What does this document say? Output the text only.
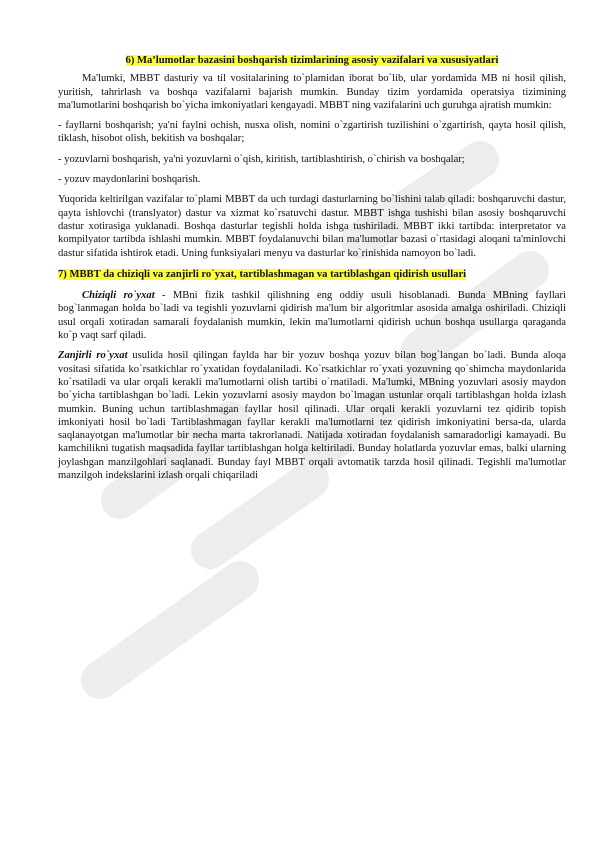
6) Ma’lumotlar bazasini boshqarish tizimlarining asosiy vazifalari va xususiyatlari

Ma'lumki, MBBT dasturiy va til vositalarining to`plamidan iborat bo`lib, ular yordamida MB ni hosil qilish, yuritish, tahrirlash va boshqa vazifalarni bajarish mumkin. Bunday tizim yordamida operatsiya tizimining ma'lumotlarini boshqarish bo`yicha imkoniyatlari kengayadi. MBBT ning vazifalarini uch guruhga ajratish mumkin:

- fayllarni boshqarish; ya'ni faylni ochish, nusxa olish, nomini o`zgartirish tuzilishini o`zgartirish, qayta hosil qilish, tiklash, hisobot olish, bekitish va boshqalar;

- yozuvlarni boshqarish, ya'ni yozuvlarni o`qish, kiritish, tartiblashtirish, o`chirish va boshqalar;

- yozuv maydonlarini boshqarish.

Yuqorida keltirilgan vazifalar to`plami MBBT da uch turdagi dasturlarning bo`lishini talab qiladi: boshqaruvchi dastur, qayta ishlovchi (translyator) dastur va xizmat ko`rsatuvchi dastur. MBBT ishga tushishi bilan asosiy boshqaruvchi dastur xotirasiga yuklanadi. Boshqa dasturlar tegishli holda ishga tushiriladi. MBBT ikki tartibda: interpretator va kompilyator tartibda ishlashi mumkin. MBBT foydalanuvchi bilan ma'lumotlar bazasi o`rtasidagi aloqani ta'minlovchi dastur sifatida ishtirok etadi. Uning funksiyalari menyu va dasturlar ko`rinishida namoyon bo`ladi.

7) MBBT da chiziqli va zanjirli ro`yxat, tartiblashmagan va tartiblashgan qidirish usullari

Chiziqli ro`yxat - MBni fizik tashkil qilishning eng oddiy usuli hisoblanadi. Bunda MBning fayllari bog`lanmagan holda bo`ladi va tegishli yozuvlarni qidirish ma'lum bir algoritmlar asosida amalga oshiriladi. Chiziqli usul orqali xotiradan samarali foydalanish mumkin, lekin ma'lumotlarni qidirish uchun boshqa usullarga qaraganda ko`p vaqt sarf qiladi.

Zanjirli ro`yxat usulida hosil qilingan faylda har bir yozuv boshqa yozuv bilan bog`langan bo`ladi. Bunda aloqa vositasi sifatida ko`rsatkichlar ro`yxatidan foydalaniladi. Ko`rsatkichlar ro`yxati yozuvning qo`shimcha maydonlarida ko`rsatiladi va ular orqali kerakli ma'lumotlarni olish tartibi o`rnatiladi. Ma'lumki, MBning yozuvlari asosiy maydon bo`yicha tartiblashgan bo`ladi. Lekin yozuvlarni asosiy maydon bo`lmagan ustunlar orqali tartiblashgan holda izlash mumkin. Buning uchun tartiblashmagan fayllar hosil qilinadi. Ular orqali kerakli yozuvlarni tez qidirib topish imkoniyati hosil bo`ladi Tartiblashmagan fayllar kerakli ma'lumotlarni tez qidirish imkoniyatini bersa-da, ularda saqlanayotgan ma'lumotlar bir necha marta takrorlanadi. Natijada xotiradan foydalanish samaradorligi kamayadi. Bu kamchilikni tugatish maqsadida fayllar tartiblashgan holga keltiriladi. Bunday holatlarda yozuvlar emas, balki ularning joylashgan manzilgohlari saqlanadi. Bunday fayl MBBT orqali avtomatik tarzda hosil qilinadi. Tegishli ma'lumotlar manzilgoh indekslarini izlash orqali chiqariladi
